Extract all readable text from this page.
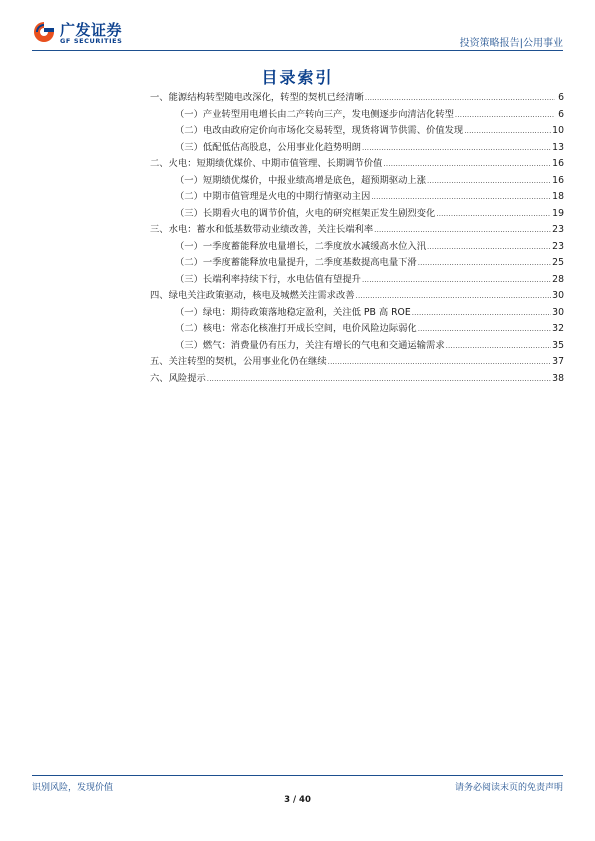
广发证券
GF SECURITIES	投资策略报告|公用事业
目录索引
一、能源结构转型随电改深化，转型的契机已经清晰 .....	6
（一）产业转型用电增长由二产转向三产，发电侧逐步向清洁化转型 .....	6
（二）电改由政府定价向市场化交易转型，现货将调节供需、价值发现 .....	10
（三）低配低估高股息，公用事业化趋势明朗 .....	13
二、火电：短期绩优煤价、中期市值管理、长期调节价值 .....	16
（一）短期绩优煤价，中报业绩高增是底色，超预期驱动上涨 .....	16
（二）中期市值管理是火电的中期行情驱动主因 .....	18
（三）长期看火电的调节价值，火电的研究框架正发生剧烈变化 .....	19
三、水电：蓄水和低基数带动业绩改善，关注长端利率 .....	23
（一）一季度蓄能释放电量增长，二季度放水减缓高水位入汛 .....	23
（二）一季度蓄能释放电量提升，二季度基数提高电量下滑 .....	25
（三）长端利率持续下行，水电估值有望提升 .....	28
四、绿电关注政策驱动，核电及城燃关注需求改善 .....	30
（一）绿电：期待政策落地稳定盈利，关注低 PB 高 ROE .....	30
（二）核电：常态化核准打开成长空间，电价风险边际弱化 .....	32
（三）燃气：消费量仍有压力，关注有增长的气电和交通运输需求 .....	35
五、关注转型的契机，公用事业化仍在继续 .....	37
六、风险提示 .....	38
识别风险，发现价值	请务必阅读末页的免责声明
3 / 40
